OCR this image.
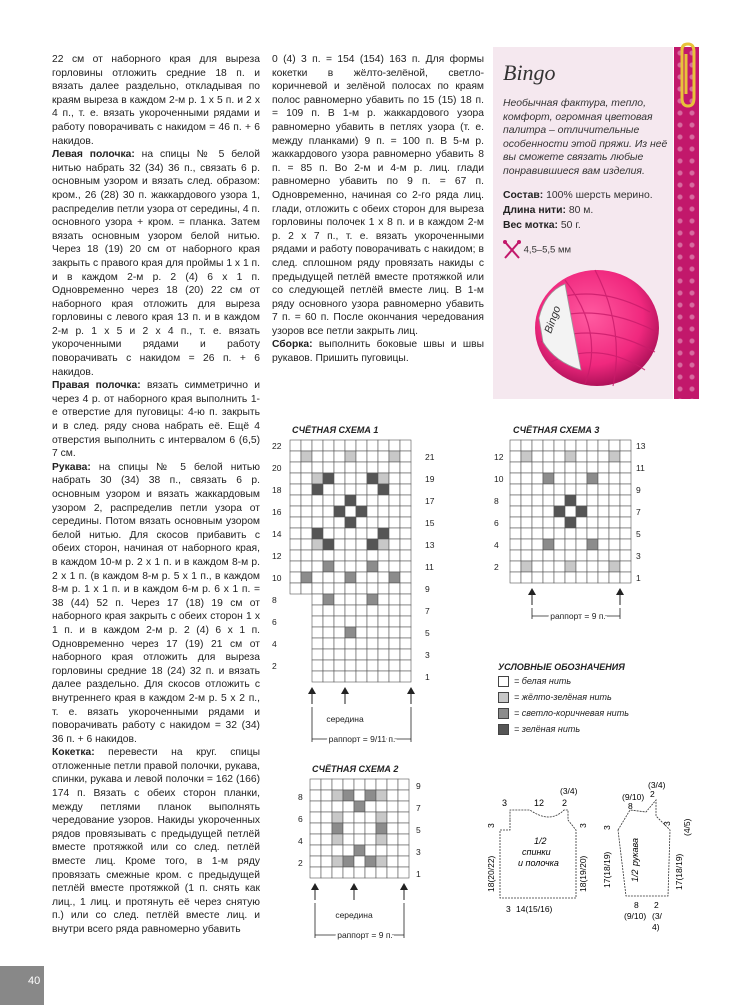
22 см от наборного края для выреза горловины отложить средние 18 п. и вязать далее раздельно, откладывая по краям выреза в каждом 2-м р. 1 х 5 п. и 2 х 4 п., т. е. вязать укороченными рядами и работу поворачивать с накидом = 46 п. + 6 накидов.

Левая полочка: на спицы № 5 белой нитью набрать 32 (34) 36 п., связать 6 р. основным узором и вязать след. образом: кром., 26 (28) 30 п. жаккардового узора 1, распределив петли узора от середины, 4 п. основного узора + кром. = планка. Затем вязать основным узором белой нитью. Через 18 (19) 20 см от наборного края закрыть с правого края для проймы 1 х 1 п. и в каждом 2-м р. 2 (4) 6 х 1 п. Одновременно через 18 (20) 22 см от наборного края отложить для выреза горловины с левого края 13 п. и в каждом 2-м р. 1 х 5 и 2 х 4 п., т. е. вязать укороченными рядами и работу поворачивать с накидом = 26 п. + 6 накидов.

Правая полочка: вязать симметрично и через 4 р. от наборного края выполнить 1-е отверстие для пуговицы: 4-ю п. закрыть и в след. ряду снова набрать её. Ещё 4 отверстия выполнить с интервалом 6 (6,5) 7 см.

Рукава: на спицы № 5 белой нитью набрать 30 (34) 38 п., связать 6 р. основным узором и вязать жаккардовым узором 2, распределив петли узора от середины. Потом вязать основным узором белой нитью. Для скосов прибавить с обеих сторон, начиная от наборного края, в каждом 10-м р. 2 х 1 п. и в каждом 8-м р. 2 х 1 п. (в каждом 8-м р. 5 х 1 п., в каждом 8-м р. 1 х 1 п. и в каждом 6-м р. 6 х 1 п. = 38 (44) 52 п. Через 17 (18) 19 см от наборного края закрыть с обеих сторон 1 х 1 п. и в каждом 2-м р. 2 (4) 6 х 1 п. Одновременно через 17 (19) 21 см от наборного края отложить для выреза горловины средние 18 (24) 32 п. и вязать далее раздельно. Для скосов отложить с внутреннего края в каждом 2-м р. 5 х 2 п., т. е. вязать укороченными рядами и поворачивать работу с накидом = 32 (34) 36 п. + 6 накидов.

Кокетка: перевести на круг. спицы отложенные петли правой полочки, рукава, спинки, рукава и левой полочки = 162 (166) 174 п. Вязать с обеих сторон планки, между петлями планок выполнять чередование узоров. Накиды укороченных рядов провязывать с предыдущей петлёй вместе протяжкой или со след. петлёй вместе лиц. Кроме того, в 1-м ряду провязать смежные кром. с предыдущей петлёй вместе протяжкой (1 п. снять как лиц., 1 лиц. и протянуть её через снятую п.) или со след. петлёй вместе лиц. и внутри всего ряда равномерно убавить

0 (4) 3 п. = 154 (154) 163 п. Для формы кокетки в жёлто-зелёной, светло-коричневой и зелёной полосах по краям полос равномерно убавить по 15 (15) 18 п. = 109 п. В 1-м р. жаккардового узора равномерно убавить в петлях узора (т. е. между планками) 9 п. = 100 п. В 5-м р. жаккардового узора равномерно убавить 8 п. = 85 п. Во 2-м и 4-м р. лиц. глади равномерно убавить по 9 п. = 67 п. Одновременно, начиная со 2-го ряда лиц. глади, отложить с обеих сторон для выреза горловины полочек 1 х 8 п. и в каждом 2-м р. 2 х 7 п., т. е. вязать укороченными рядами и работу поворачивать с накидом; в след. сплошном ряду провязать накиды с предыдущей петлёй вместе протяжкой или со следующей петлёй вместе лиц. В 1-м ряду основного узора равномерно убавить 7 п. = 60 п. После окончания чередования узоров все петли закрыть лиц.

Сборка: выполнить боковые швы и швы рукавов. Пришить пуговицы.

Bingo
Необычная фактура, тепло, комфорт, огромная цветовая палитра – отличительные особенности этой пряжи. Из неё вы сможете связать любые понравившиеся вам изделия.
Состав: 100% шерсть мерино.
Длина нити: 80 м.
Вес мотка: 50 г.
4,5–5,5 мм
Bingo
СЧЁТНАЯ СХЕМА 1
22
20
18
16
14
12
10
8
6
4
2
21
19
17
15
13
11
9
7
5
3
1
середина
раппорт = 9/11 п.
СЧЁТНАЯ СХЕМА 2
8
6
4
2
9
7
5
3
1
середина
раппорт = 9 п.
СЧЁТНАЯ СХЕМА 3
12
10
8
6
4
2
13
11
9
7
5
3
1
раппорт = 9 п.
УСЛОВНЫЕ ОБОЗНАЧЕНИЯ
= белая нить
= жёлто-зелёная нить
= светло-коричневая нить
= зелёная нить
3	12 2
(3/4)
3
18(20/22)
3
18(19/20)
3 14(15/16)
1/2
спинки
и полочка
(3/4)
2
(9/10)
8
3
17(18/19)
3
17(18/19)
(4/5)
8
(9/10)
2
(3/
4)
1/2
рукава
40
